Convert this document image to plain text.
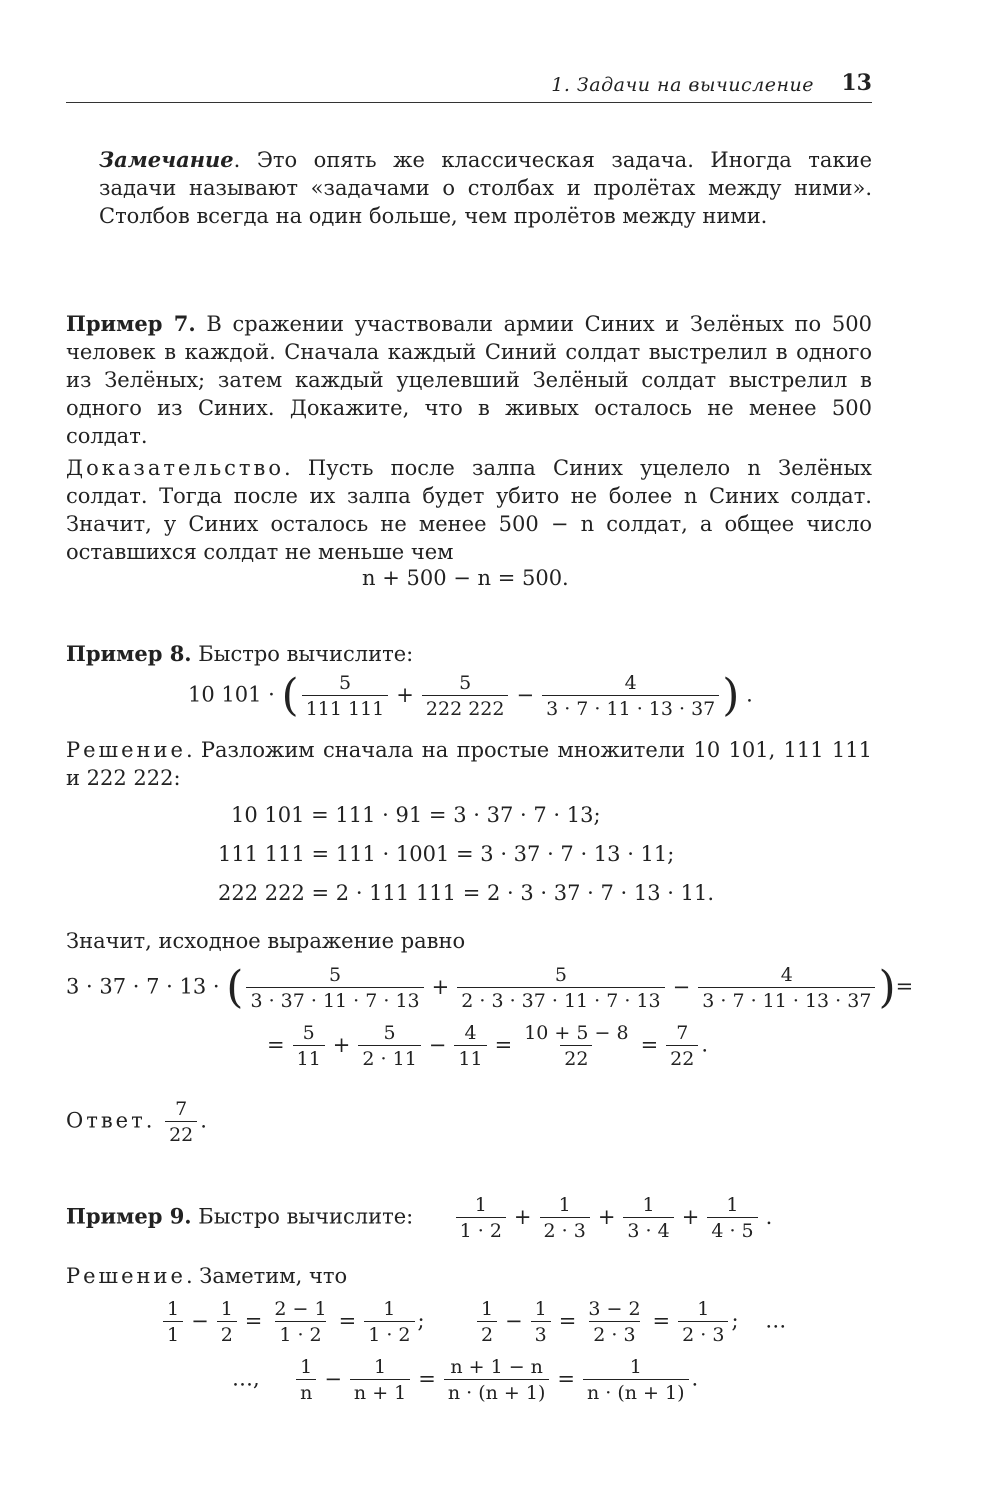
1. Задачи на вычисление 13

Замечание. Это опять же классическая задача. Иногда такие задачи называют «задачами о столбах и пролётах между ними». Столбов всегда на один больше, чем пролётов между ними.

Пример 7. В сражении участвовали армии Синих и Зелёных по 500 человек в каждой. Сначала каждый Синий солдат выстрелил в одного из Зелёных; затем каждый уцелевший Зелёный солдат выстрелил в одного из Синих. Докажите, что в живых осталось не менее 500 солдат.

Доказательство. Пусть после залпа Синих уцелело n Зелёных солдат. Тогда после их залпа будет убито не более n Синих солдат. Значит, у Синих осталось не менее 500 − n солдат, а общее число оставшихся солдат не меньше чем

n + 500 − n = 500.

Пример 8. Быстро вычислите:

10 101 · ( $\frac{5}{111 111} + \frac{5}{222 222} - \frac{4}{3 \cdot 7 \cdot 11 \cdot 13 \cdot 37}$ ) .

Решение. Разложим сначала на простые множители 10 101, 111 111 и 222 222:

10 101 = 111 · 91 = 3 · 37 · 7 · 13;
111 111 = 111 · 1001 = 3 · 37 · 7 · 13 · 11;
222 222 = 2 · 111 111 = 2 · 3 · 37 · 7 · 13 · 11.

Значит, исходное выражение равно

3 · 37 · 7 · 13 · ( $\frac{5}{3 \cdot 37 \cdot 11 \cdot 7 \cdot 13} + \frac{5}{2 \cdot 3 \cdot 37 \cdot 11 \cdot 7 \cdot 13} - \frac{4}{3 \cdot 7 \cdot 11 \cdot 13 \cdot 37}$ )=
= $\frac{5}{11} + \frac{5}{2 \cdot 11} - \frac{4}{11} = \frac{10 + 5 - 8}{22} = \frac{7}{22}$ .
Ответ. $\frac{7}{22}$ .
Пример 9. Быстро вычислите: $\frac{1}{1 \cdot 2} + \frac{1}{2 \cdot 3} + \frac{1}{3 \cdot 4} + \frac{1}{4 \cdot 5}$ .

Решение. Заметим, что

$\frac{1}{1} - \frac{1}{2} = \frac{2 - 1}{1 \cdot 2} = \frac{1}{1 \cdot 2}$ ;	$\frac{1}{2} - \frac{1}{3} = \frac{3 - 2}{2 \cdot 3} = \frac{1}{2 \cdot 3}$ ; …
…, $\frac{1}{n} - \frac{1}{n + 1} = \frac{n + 1 - n}{n \cdot (n + 1)} = \frac{1}{n \cdot (n + 1)}$ .
